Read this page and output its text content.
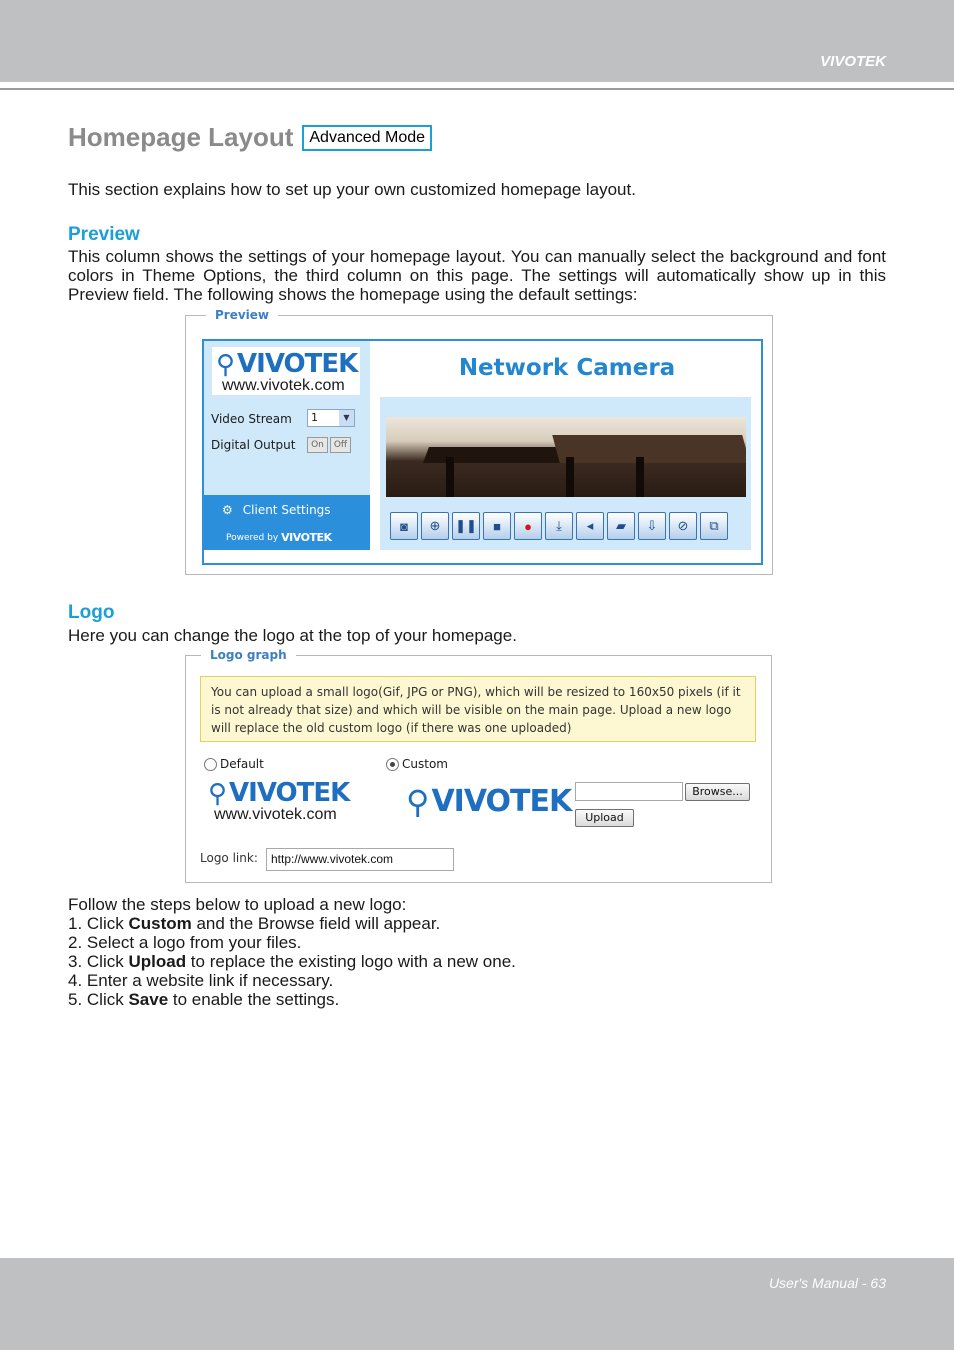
VIVOTEK
Homepage Layout	Advanced Mode
This section explains how to set up your own customized homepage layout.
Preview
This column shows the settings of your homepage layout. You can manually select the background and font colors in Theme Options, the third column on this page. The settings will automatically show up in this Preview field. The following shows the homepage using the default settings:
Preview
⚲ VIVOTEK
www.vivotek.com
Video Stream	1	▼
Digital Output	On	Off
⚙ Client Settings
Powered by VIVOTEK
Network Camera
◙	⊕	❚❚	■	●	⤓	◂	▰	⇩	⊘	⧉
Logo
Here you can change the logo at the top of your homepage.
Logo graph
You can upload a small logo(Gif, JPG or PNG), which will be resized to 160x50 pixels (if it is not already that size) and which will be visible on the main page. Upload a new logo will replace the old custom logo (if there was one uploaded)
Default	Custom
⚲ VIVOTEK
www.vivotek.com	⚲ VIVOTEK	Browse...
Upload
Logo link:	http://www.vivotek.com
Follow the steps below to upload a new logo:
1. Click Custom and the Browse field will appear.
2. Select a logo from your files.
3. Click Upload to replace the existing logo with a new one.
4. Enter a website link if necessary.
5. Click Save to enable the settings.
User's Manual - 63
